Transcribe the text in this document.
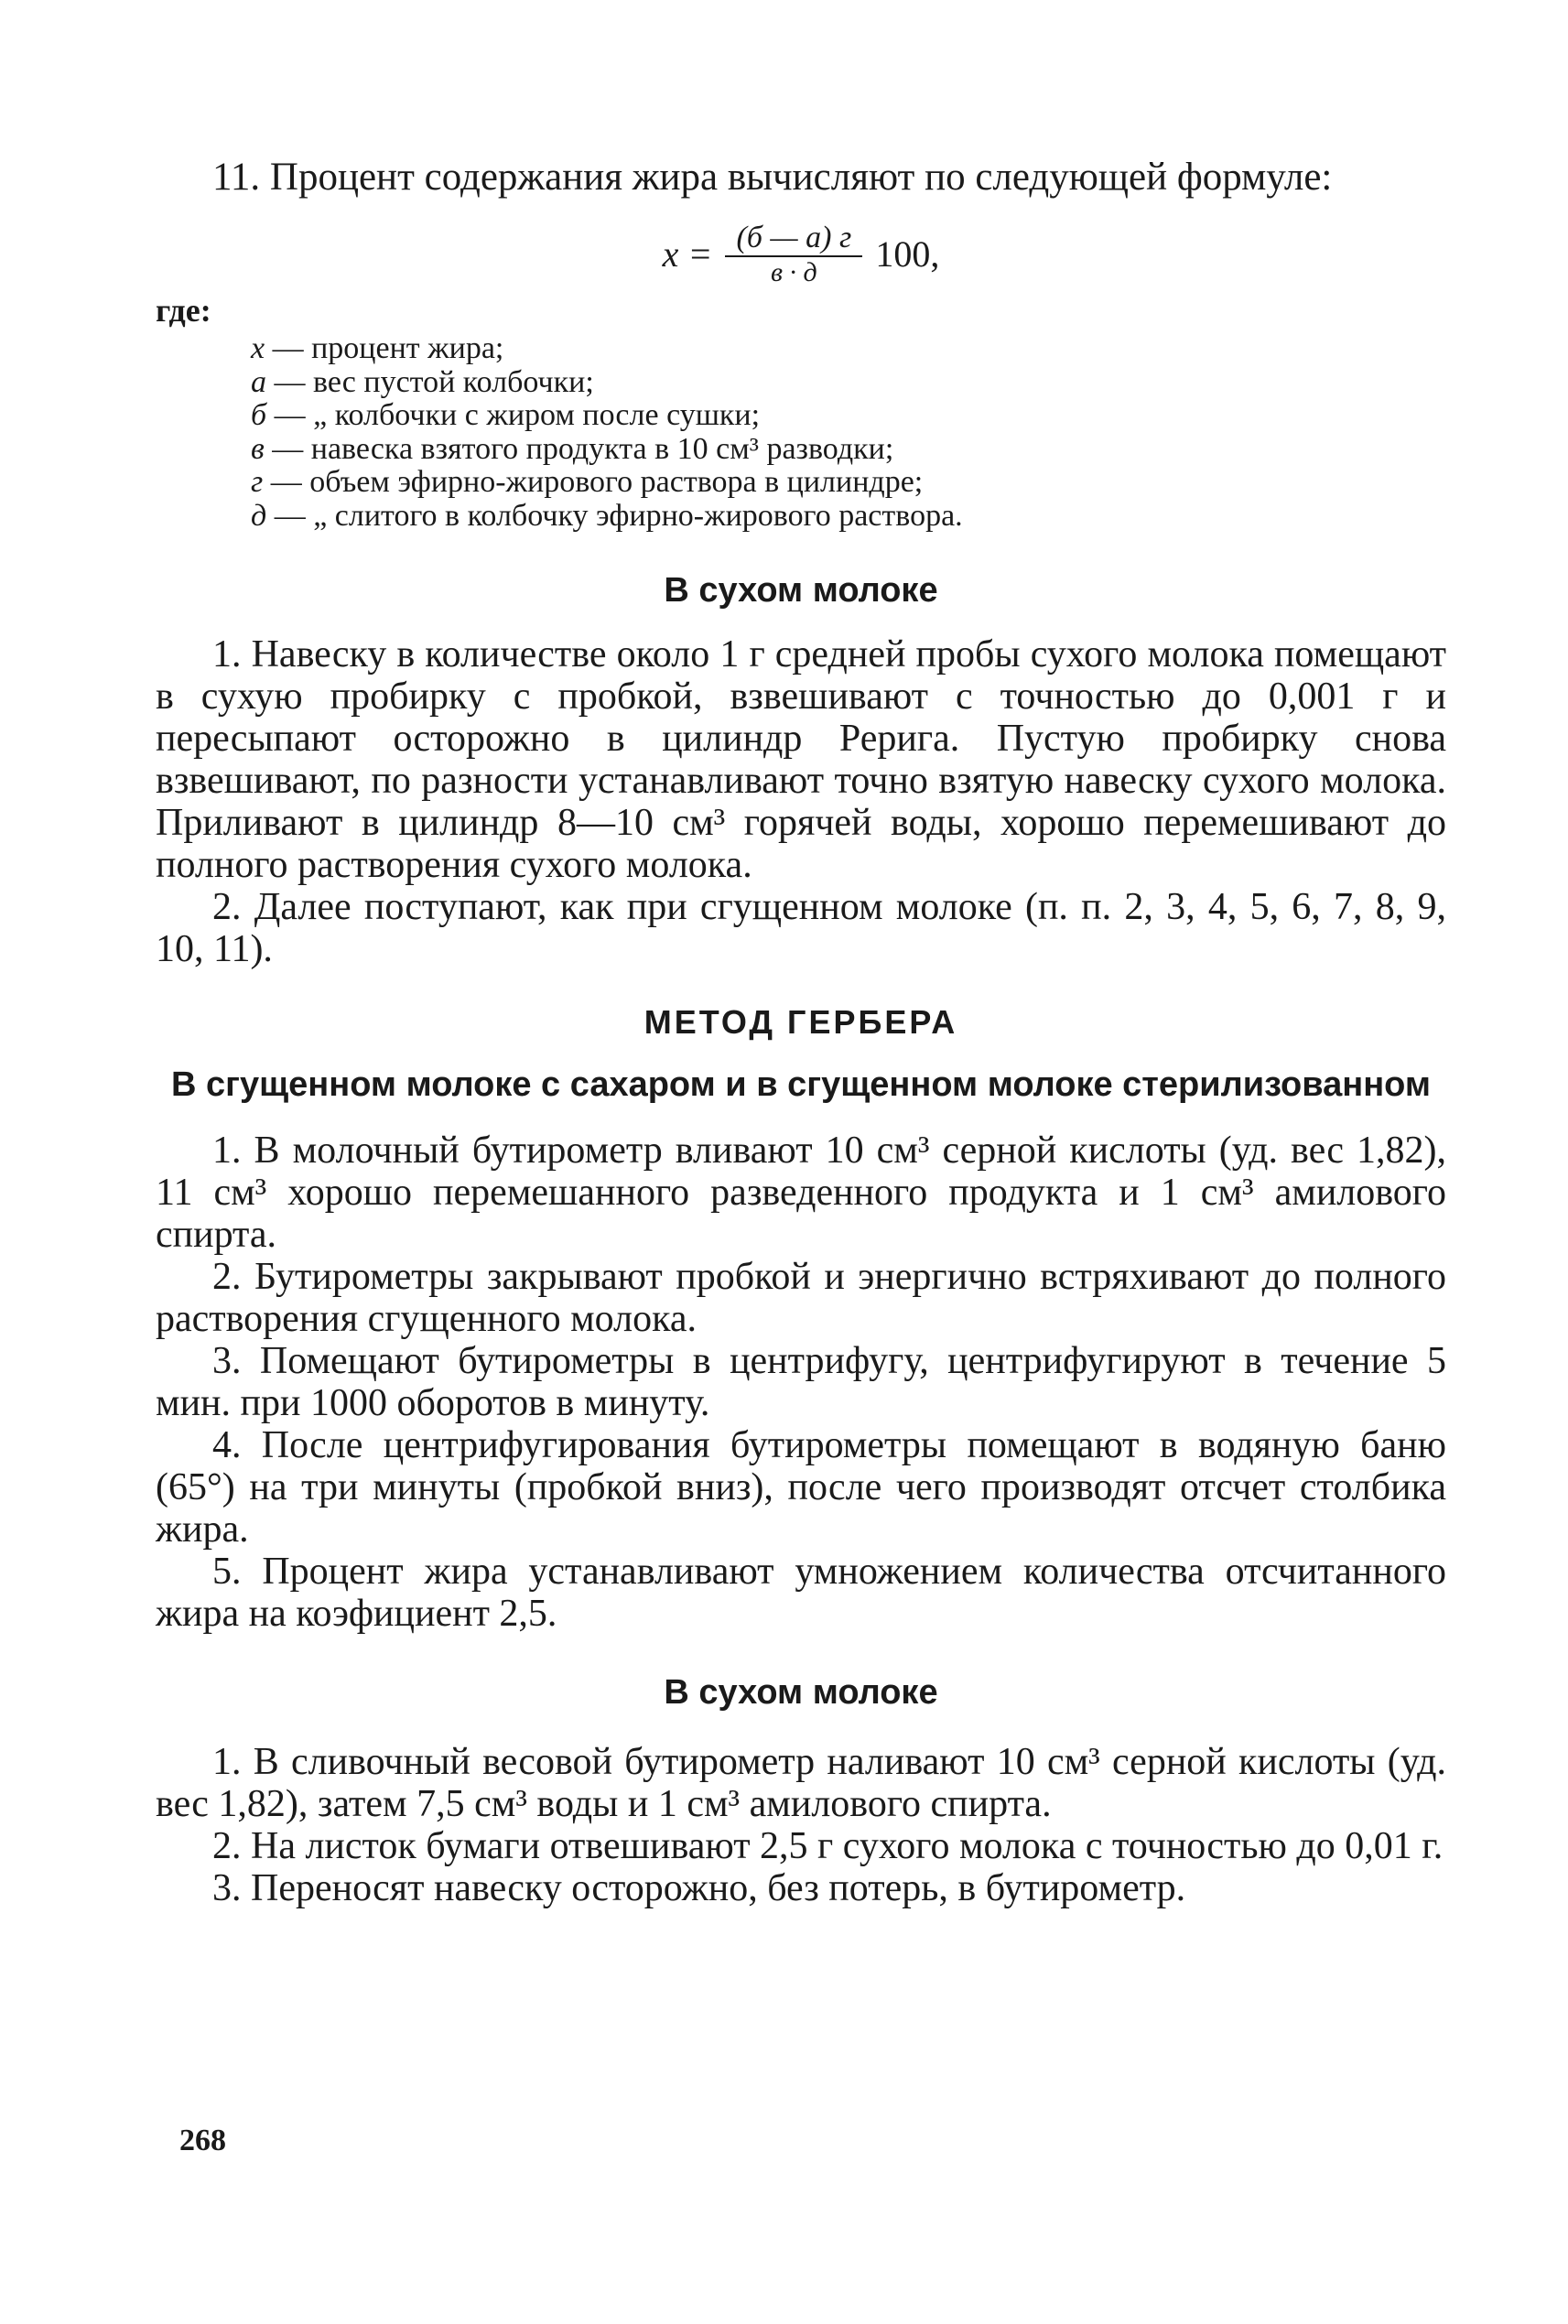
11. Процент содержания жира вычисляют по следующей формуле:

$x = \frac{(б — а) г}{в \cdot д} 100$,
где:
x — процент жира;
а — вес пустой колбочки;
б — „ колбочки с жиром после сушки;
в — навеска взятого продукта в 10 см³ разводки;
г — объем эфирно-жирового раствора в цилиндре;
д — „ слитого в колбочку эфирно-жирового раствора.
В сухом молоке

1. Навеску в количестве около 1 г средней пробы сухого молока помещают в сухую пробирку с пробкой, взвешивают с точностью до 0,001 г и пересыпают осторожно в цилиндр Рерига. Пустую пробирку снова взвешивают, по разности устанавливают точно взятую навеску сухого молока. Приливают в цилиндр 8—10 см³ горячей воды, хорошо перемешивают до полного растворения сухого молока.

2. Далее поступают, как при сгущенном молоке (п. п. 2, 3, 4, 5, 6, 7, 8, 9, 10, 11).

МЕТОД ГЕРБЕРА
В сгущенном молоке с сахаром и в сгущенном молоке стерилизованном

1. В молочный бутирометр вливают 10 см³ серной кислоты (уд. вес 1,82), 11 см³ хорошо перемешанного разведенного продукта и 1 см³ амилового спирта.

2. Бутирометры закрывают пробкой и энергично встряхивают до полного растворения сгущенного молока.

3. Помещают бутирометры в центрифугу, центрифугируют в течение 5 мин. при 1000 оборотов в минуту.

4. После центрифугирования бутирометры помещают в водяную баню (65°) на три минуты (пробкой вниз), после чего производят отсчет столбика жира.

5. Процент жира устанавливают умножением количества отсчитанного жира на коэфициент 2,5.

В сухом молоке

1. В сливочный весовой бутирометр наливают 10 см³ серной кислоты (уд. вес 1,82), затем 7,5 см³ воды и 1 см³ амилового спирта.

2. На листок бумаги отвешивают 2,5 г сухого молока с точностью до 0,01 г.

3. Переносят навеску осторожно, без потерь, в бутирометр.

268
